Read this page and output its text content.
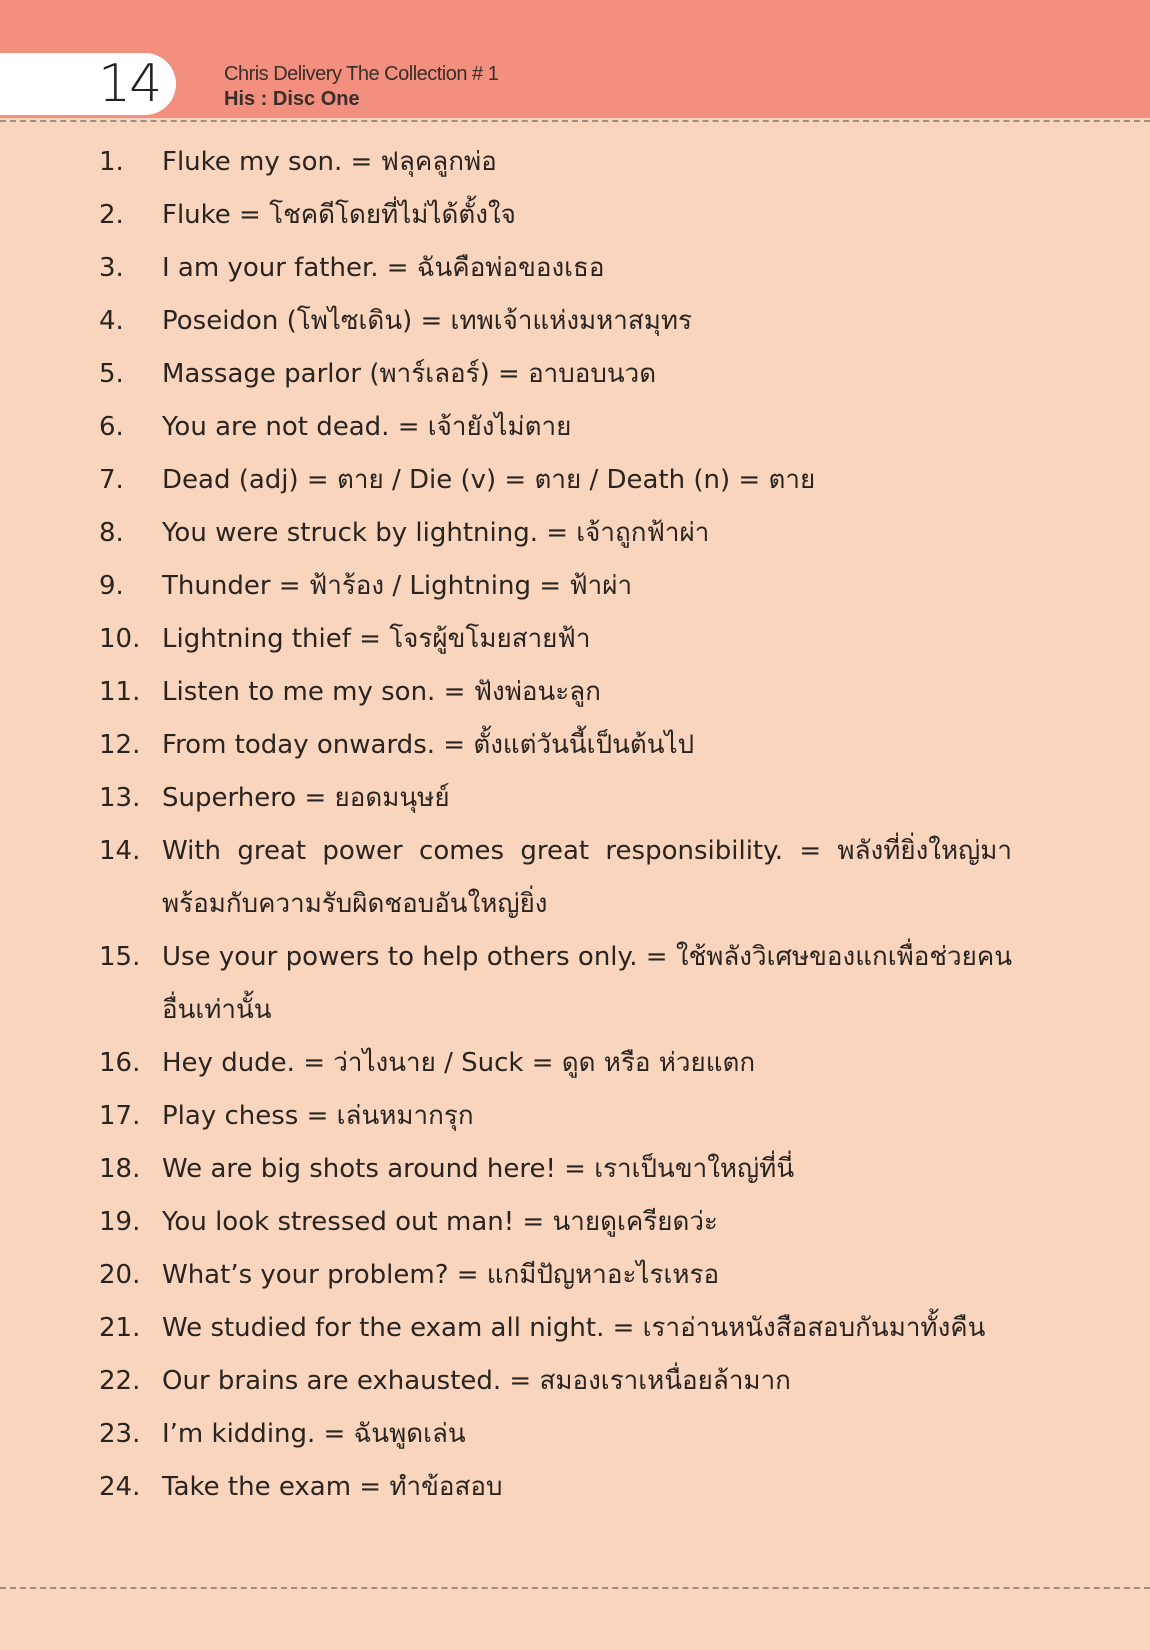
14	Chris Delivery The Collection # 1
His : Disc One
1. Fluke my son. = ฟลุคลูกพ่อ
2. Fluke = โชคดีโดยที่ไม่ได้ตั้งใจ
3. I am your father. = ฉันคือพ่อของเธอ
4. Poseidon (โพไซเดิน) = เทพเจ้าแห่งมหาสมุทร
5. Massage parlor (พาร์เลอร์) = อาบอบนวด
6. You are not dead. = เจ้ายังไม่ตาย
7. Dead (adj) = ตาย / Die (v) = ตาย / Death (n) = ตาย
8. You were struck by lightning. = เจ้าถูกฟ้าผ่า
9. Thunder = ฟ้าร้อง / Lightning = ฟ้าผ่า
10. Lightning thief = โจรผู้ขโมยสายฟ้า
11. Listen to me my son. = ฟังพ่อนะลูก
12. From today onwards. = ตั้งแต่วันนี้เป็นต้นไป
13. Superhero = ยอดมนุษย์
14. With great power comes great responsibility. = พลังที่ยิ่งใหญ่มาพร้อมกับความรับผิดชอบอันใหญ่ยิ่ง
15. Use your powers to help others only. = ใช้พลังวิเศษของแกเพื่อช่วยคนอื่นเท่านั้น
16. Hey dude. = ว่าไงนาย / Suck = ดูด หรือ ห่วยแตก
17. Play chess = เล่นหมากรุก
18. We are big shots around here! = เราเป็นขาใหญ่ที่นี่
19. You look stressed out man! = นายดูเครียดว่ะ
20. What’s your problem? = แกมีปัญหาอะไรเหรอ
21. We studied for the exam all night. = เราอ่านหนังสือสอบกันมาทั้งคืน
22. Our brains are exhausted. = สมองเราเหนื่อยล้ามาก
23. I’m kidding. = ฉันพูดเล่น
24. Take the exam = ทำข้อสอบ
